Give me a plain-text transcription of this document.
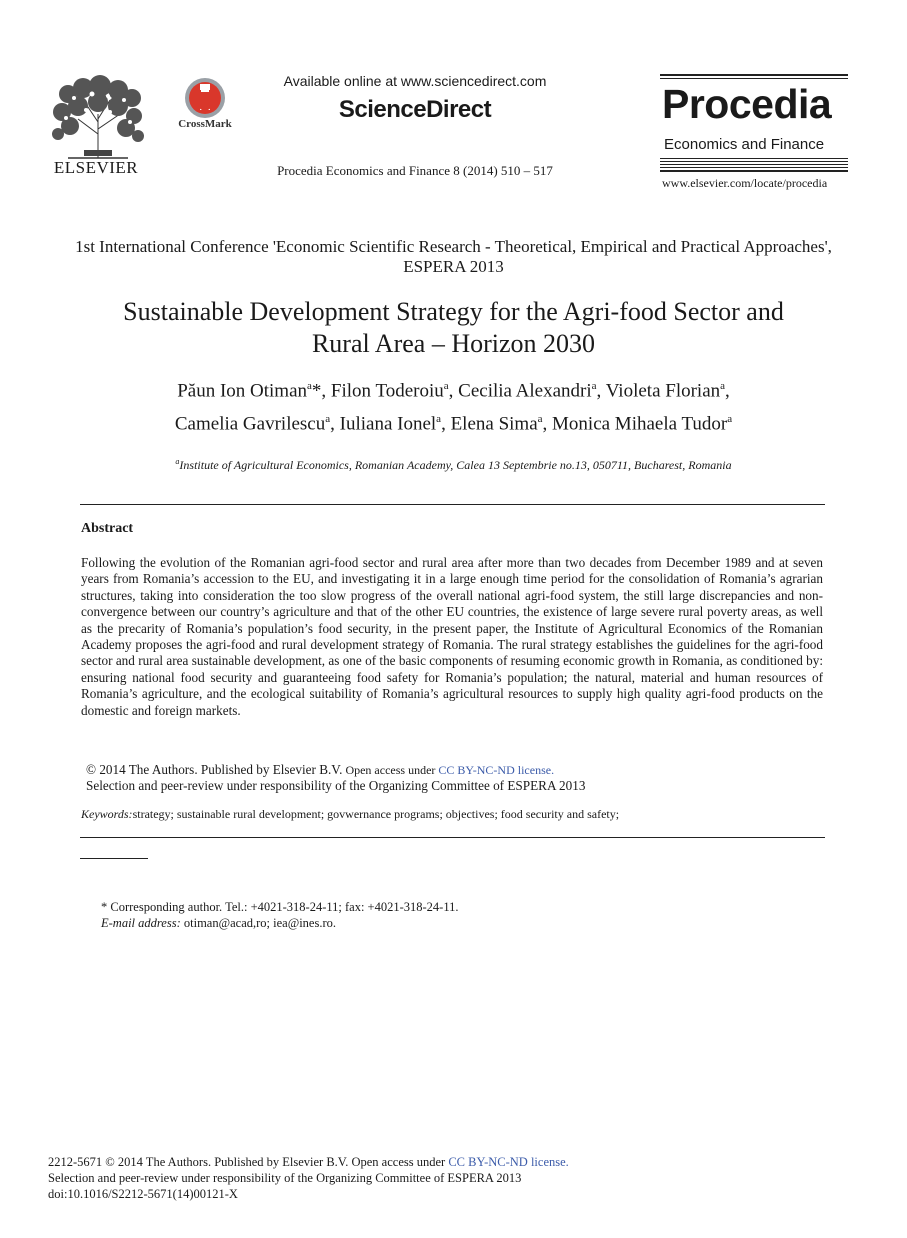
ELSEVIER
CrossMark
Available online at www.sciencedirect.com
ScienceDirect
Procedia Economics and Finance 8 (2014) 510 – 517
Procedia
Economics and Finance
www.elsevier.com/locate/procedia
1st International Conference 'Economic Scientific Research - Theoretical, Empirical and Practical Approaches', ESPERA 2013
Sustainable Development Strategy for the Agri-food Sector and
Rural Area – Horizon 2030
Păun Ion Otiman$^a$*, Filon Toderoiu$^a$, Cecilia Alexandri$^a$, Violeta Florian$^a$,
Camelia Gavrilescu$^a$, Iuliana Ionel$^a$, Elena Sima$^a$, Monica Mihaela Tudor$^a$
$^a$Institute of Agricultural Economics, Romanian Academy, Calea 13 Septembrie no.13, 050711, Bucharest, Romania
Abstract
Following the evolution of the Romanian agri-food sector and rural area after more than two decades from December 1989 and at seven years from Romania’s accession to the EU, and investigating it in a large enough time period for the consolidation of Romania’s agrarian structures, taking into consideration the too slow progress of the overall national agri-food system, the still large discrepancies and non-convergence between our country’s agriculture and that of the other EU countries, the existence of large severe rural poverty areas, as well as the precarity of Romania’s population’s food security, in the present paper, the Institute of Agricultural Economics of the Romanian Academy proposes the agri-food and rural development strategy of Romania. The rural strategy establishes the guidelines for the agri-food sector and rural area sustainable development, as one of the basic components of resuming economic growth in Romania, as conditioned by: ensuring national food security and guaranteeing food safety for Romania’s population; the natural, material and human resources of Romania’s agriculture, and the ecological suitability of Romania’s agricultural resources to supply high quality agri-food products on the domestic and foreign markets.
© 2014 The Authors. Published by Elsevier B.V. Open access under CC BY-NC-ND license.
Selection and peer-review under responsibility of the Organizing Committee of ESPERA 2013
Keywords:strategy; sustainable rural development; govwernance programs; objectives; food security and safety;
* Corresponding author. Tel.: +4021-318-24-11; fax: +4021-318-24-11.
E-mail address: otiman@acad,ro; iea@ines.ro.
2212-5671 © 2014 The Authors. Published by Elsevier B.V. Open access under CC BY-NC-ND license.
Selection and peer-review under responsibility of the Organizing Committee of ESPERA 2013
doi:10.1016/S2212-5671(14)00121-X
